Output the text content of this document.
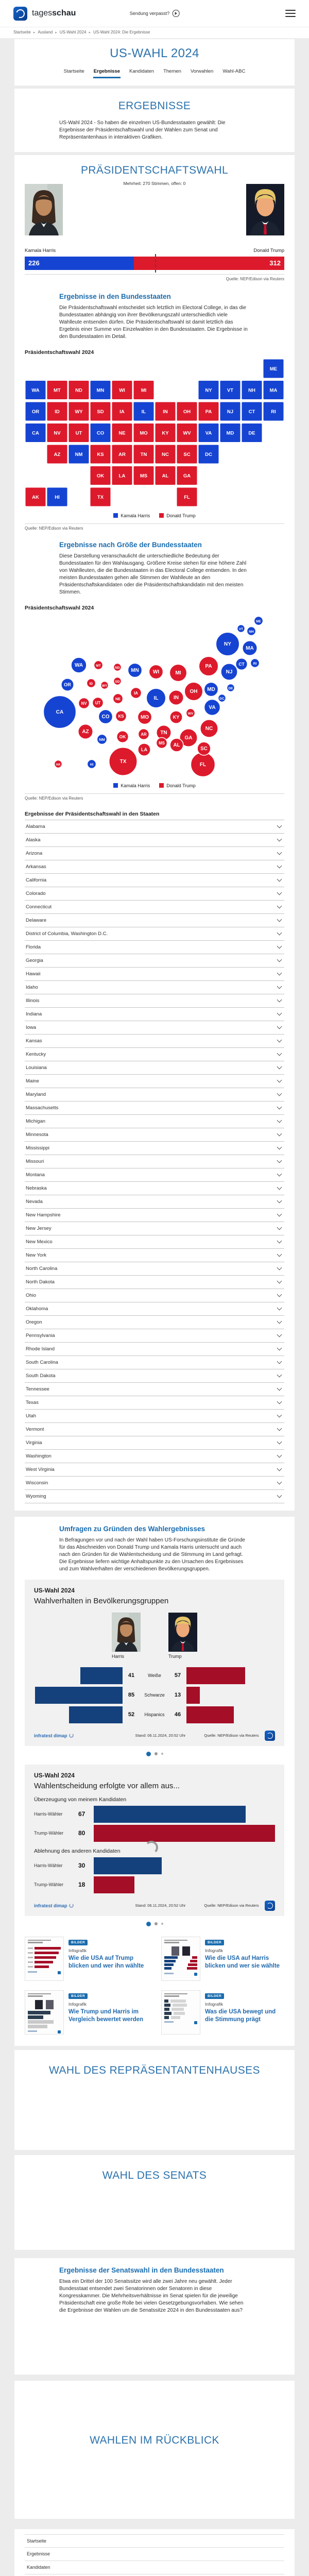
tagesschau	Sendung verpasst?
Startseite ▸ Ausland ▸ US-Wahl 2024 ▸ US-Wahl 2024: Die Ergebnisse
US-WAHL 2024
Startseite Ergebnisse Kandidaten Themen Vorwahlen Wahl-ABC
ERGEBNISSE
US-Wahl 2024 - So haben die einzelnen US-Bundesstaaten gewählt: Die Ergebnisse der Präsidentschaftswahl und der Wahlen zum Senat und Repräsentantenhaus in interaktiven Grafiken.
PRÄSIDENTSCHAFTSWAHL
Mehrheit: 270 Stimmen, offen: 0
Kamala Harris	Donald Trump
226	312
Quelle: NEP/Edison via Reuters
Ergebnisse in den Bundesstaaten
Die Präsidentschaftswahl entscheidet sich letztlich im Electoral College, in das die Bundesstaaten abhängig von ihrer Bevölkerungszahl unterschiedlich viele Wahlleute entsenden dürfen. Die Präsidentschaftswahl ist damit letztlich das Ergebnis einer Summe von Einzelwahlen in den Bundesstaaten. Die Ergebnisse in den Bundesstaaten im Detail.
Präsidentschaftswahl 2024
ME
WA	MT	ND	MN	WI	MI	NY	VT	NH	MA
OR	ID	WY	SD	IA	IL	IN	OH	PA	NJ	CT	RI
CA	NV	UT	CO	NE	MO	KY	WV	VA	MD	DE
AZ	NM	KS	AR	TN	NC	SC	DC
OK	LA	MS	AL	GA
AK	HI	TX	FL
Kamala Harris	Donald Trump
Quelle: NEP/Edison via Reuters
Ergebnisse nach Größe der Bundesstaaten
Diese Darstellung veranschaulicht die unterschiedliche Bedeutung der Bundesstaaten für den Wahlausgang. Größere Kreise stehen für eine höhere Zahl von Wahlleuten, die die Bundesstaaten in das Electoral College entsenden. In den meisten Bundesstaaten gehen alle Stimmen der Wahlleute an den Präsidentschaftskandidaten oder die Präsidentschaftskandidatin mit den meisten Stimmen.
Präsidentschaftswahl 2024
CA
TX
FL
NY
IL
PA
OH
NC
GA
MI	NJ
VA
WA
MA
IN
AZ	TN
MN	WI
CO	MO
MD
SC
AL
OR
KY
LA
CT
OK
IA
NV UT
KS
AR
MS
NE
NM
ME
MT
NH
ID
RI
WV
HI
ND
VT
WY
SD
DE
DC
AK
Kamala Harris	Donald Trump
Quelle: NEP/Edison via Reuters
Ergebnisse der Präsidentschaftswahl in den Staaten
Alabama
Alaska
Arizona
Arkansas
California
Colorado
Connecticut
Delaware
District of Columbia, Washington D.C.
Florida
Georgia
Hawaii
Idaho
Illinois
Indiana
Iowa
Kansas
Kentucky
Louisiana
Maine
Maryland
Massachusetts
Michigan
Minnesota
Mississippi
Missouri
Montana
Nebraska
Nevada
New Hampshire
New Jersey
New Mexico
New York
North Carolina
North Dakota
Ohio
Oklahoma
Oregon
Pennsylvania
Rhode Island
South Carolina
South Dakota
Tennessee
Texas
Utah
Vermont
Virginia
Washington
West Virginia
Wisconsin
Wyoming
Umfragen zu Gründen des Wahlergebnisses
In Befragungen vor und nach der Wahl haben US-Forschungsinstitute die Gründe für das Abschneiden von Donald Trump und Kamala Harris untersucht und auch nach den Gründen für die Wahlentscheidung und die Stimmung im Land gefragt. Die Ergebnisse liefern wichtige Anhaltspunkte zu den Ursachen des Ergebnisses und zum Wahlverhalten der verschiedenen Bevölkerungsgruppen.
US-Wahl 2024
Wahlverhalten in Bevölkerungsgruppen
Harris	Trump
41	Weiße	57
85	Schwarze	13
52	Hispanics	46
infratest dimap	Stand: 06.11.2024, 20:52 Uhr	Quelle: NEP/Edison via Reuters
US-Wahl 2024
Wahlentscheidung erfolgte vor allem aus...
Überzeugung von meinem Kandidaten
Harris-Wähler	67
Trump-Wähler	80
Ablehnung des anderen Kandidaten
Harris-Wähler	30
Trump-Wähler	18
infratest dimap	Stand: 06.11.2024, 20:52 Uhr	Quelle: NEP/Edison via Reuters
BILDER
Infografik
Wie die USA auf Trump blicken und wer ihn wählte
BILDER
Infografik
Wie die USA auf Harris blicken und wer sie wählte
BILDER
Infografik
Wie Trump und Harris im Vergleich bewertet werden
BILDER
Infografik
Was die USA bewegt und die Stimmung prägt
WAHL DES REPRÄSENTANTENHAUSES
WAHL DES SENATS
Ergebnisse der Senatswahl in den Bundesstaaten
Etwa ein Drittel der 100 Senatssitze wird alle zwei Jahre neu gewählt. Jeder Bundesstaat entsendet zwei Senatorinnen oder Senatoren in diese Kongresskammer. Die Mehrheitsverhältnisse im Senat spielen für die jeweilige Präsidentschaft eine große Rolle bei vielen Gesetzgebungsvorhaben. Wie sehen die Ergebnisse der Wahlen um die Senatssitze 2024 in den Bundesstaaten aus?
WAHLEN IM RÜCKBLICK
Startseite
Ergebnisse
Kandidaten
